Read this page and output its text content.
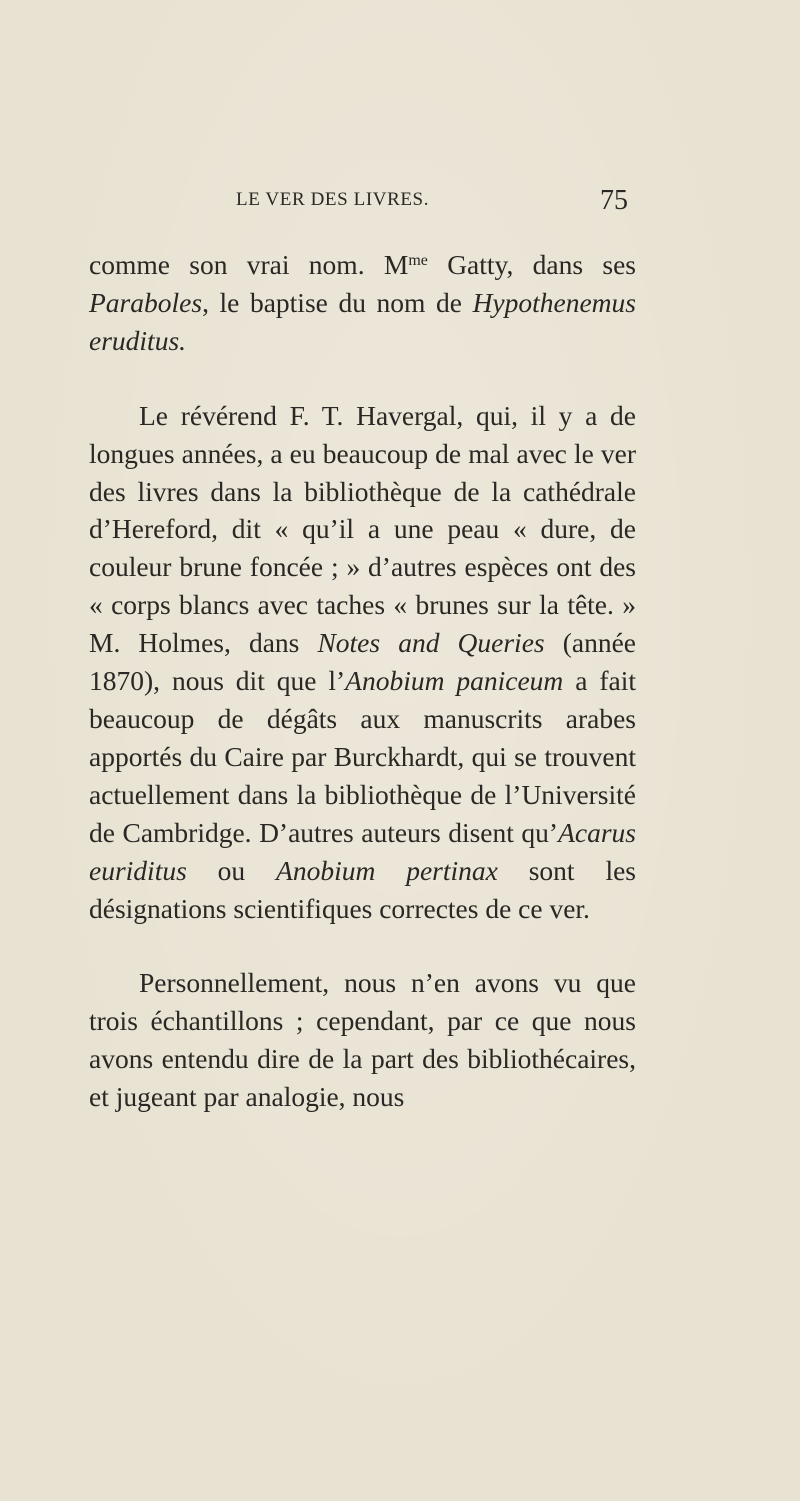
LE VER DES LIVRES.	75

comme son vrai nom. $M^{me}$ Gatty, dans ses Paraboles, le baptise du nom de Hypothenemus eruditus.

Le révérend F. T. Havergal, qui, il y a de longues années, a eu beaucoup de mal avec le ver des livres dans la bibliothèque de la cathédrale d’Hereford, dit « qu’il a une peau « dure, de couleur brune foncée ; » d’autres espèces ont des « corps blancs avec taches « brunes sur la tête. » M. Holmes, dans Notes and Queries (année 1870), nous dit que l’Anobium paniceum a fait beaucoup de dégâts aux manuscrits arabes apportés du Caire par Burckhardt, qui se trouvent actuellement dans la bibliothèque de l’Université de Cambridge. D’autres auteurs disent qu’Acarus euriditus ou Anobium pertinax sont les désignations scientifiques correctes de ce ver.

Personnellement, nous n’en avons vu que trois échantillons ; cependant, par ce que nous avons entendu dire de la part des bibliothécaires, et jugeant par analogie, nous
